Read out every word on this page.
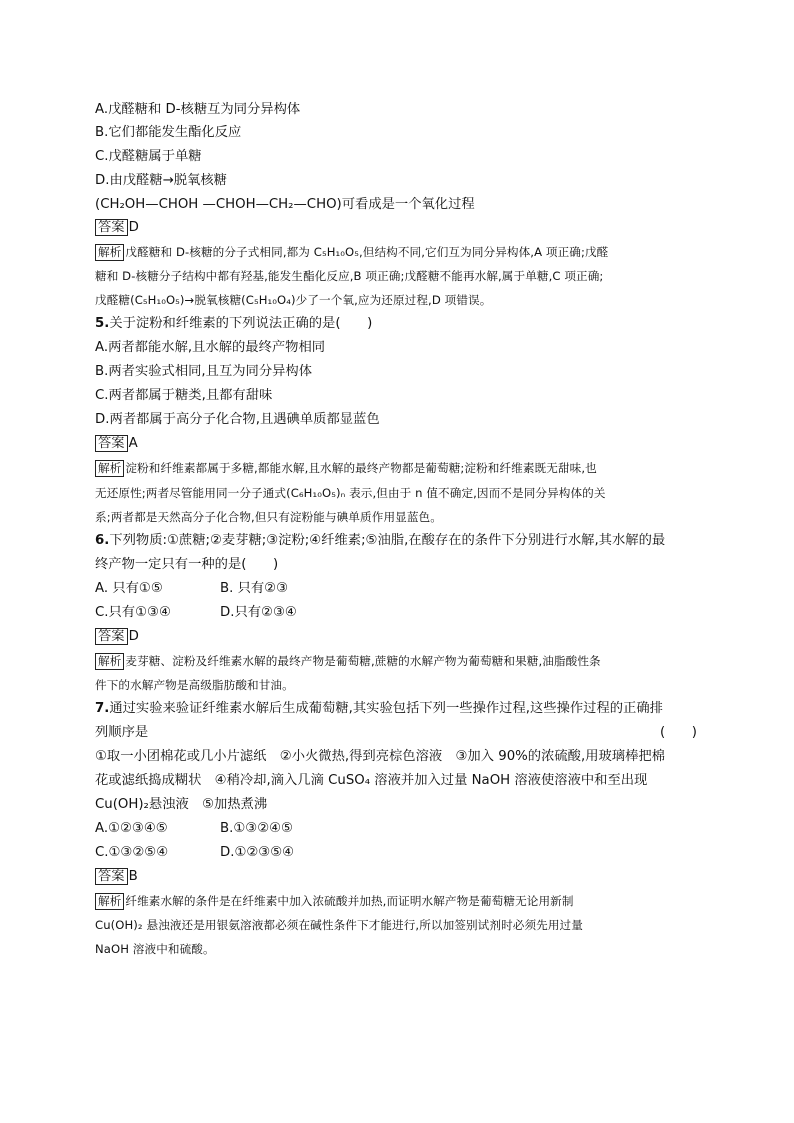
A.戊醛糖和 D-核糖互为同分异构体
B.它们都能发生酯化反应
C.戊醛糖属于单糖
D.由戊醛糖→脱氧核糖
(CH₂OH—CHOH —CHOH—CH₂—CHO)可看成是一个氧化过程
答案 D
解析 戊醛糖和 D-核糖的分子式相同,都为 C₅H₁₀O₅,但结构不同,它们互为同分异构体,A 项正确;戊醛
糖和 D-核糖分子结构中都有羟基,能发生酯化反应,B 项正确;戊醛糖不能再水解,属于单糖,C 项正确;
戊醛糖(C₅H₁₀O₅)→脱氧核糖(C₅H₁₀O₄)少了一个氧,应为还原过程,D 项错误。
5.关于淀粉和纤维素的下列说法正确的是(　　)
A.两者都能水解,且水解的最终产物相同
B.两者实验式相同,且互为同分异构体
C.两者都属于糖类,且都有甜味
D.两者都属于高分子化合物,且遇碘单质都显蓝色
答案 A
解析 淀粉和纤维素都属于多糖,都能水解,且水解的最终产物都是葡萄糖;淀粉和纤维素既无甜味,也
无还原性;两者尽管能用同一分子通式(C₆H₁₀O₅)ₙ 表示,但由于 n 值不确定,因而不是同分异构体的关
系;两者都是天然高分子化合物,但只有淀粉能与碘单质作用显蓝色。
6.下列物质:①蔗糖;②麦芽糖;③淀粉;④纤维素;⑤油脂,在酸存在的条件下分别进行水解,其水解的最
终产物一定只有一种的是(　　)
A. 只有①⑤	B. 只有②③
C.只有①③④	D.只有②③④
答案 D
解析 麦芽糖、淀粉及纤维素水解的最终产物是葡萄糖,蔗糖的水解产物为葡萄糖和果糖,油脂酸性条
件下的水解产物是高级脂肪酸和甘油。
7.通过实验来验证纤维素水解后生成葡萄糖,其实验包括下列一些操作过程,这些操作过程的正确排
列顺序是	(　　)
①取一小团棉花或几小片滤纸　②小火微热,得到亮棕色溶液　③加入 90%的浓硫酸,用玻璃棒把棉
花或滤纸捣成糊状　④稍冷却,滴入几滴 CuSO₄ 溶液并加入过量 NaOH 溶液使溶液中和至出现
Cu(OH)₂悬浊液　⑤加热煮沸
A.①②③④⑤	B.①③②④⑤
C.①③②⑤④	D.①②③⑤④
答案 B
解析 纤维素水解的条件是在纤维素中加入浓硫酸并加热,而证明水解产物是葡萄糖无论用新制
Cu(OH)₂ 悬浊液还是用银氨溶液都必须在碱性条件下才能进行,所以加签别试剂时必须先用过量
NaOH 溶液中和硫酸。
